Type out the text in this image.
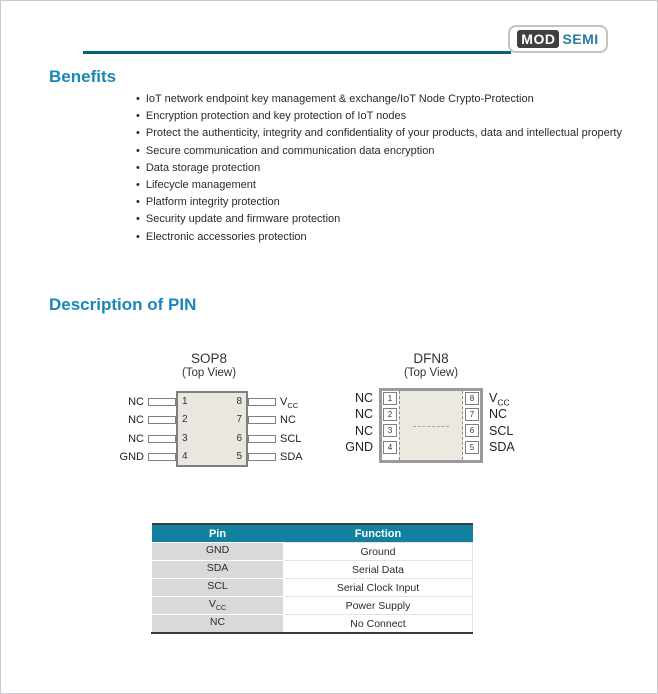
MOD SEMI
Benefits
• IoT network endpoint key management & exchange/IoT Node Crypto-Protection
• Encryption protection and key protection of IoT nodes
• Protect the authenticity, integrity and confidentiality of your products, data and intellectual property
• Secure communication and communication data encryption
• Data storage protection
• Lifecycle management
• Platform integrity protection
• Security update and firmware protection
• Electronic accessories protection
Description of PIN
SOP8
(Top View)
NC
NC
NC
GND
1
2
3
4
8
7
6
5
$V_{CC}$
NC
SCL
SDA
DFN8
(Top View)
1
2
3
4
8
7
6
5
NC
NC
NC
GND
$V_{CC}$
NC
SCL
SDA
Pin	Function
GND	Ground
SDA	Serial Data
SCL	Serial Clock Input
$V_{CC}$	Power Supply
NC	No Connect
